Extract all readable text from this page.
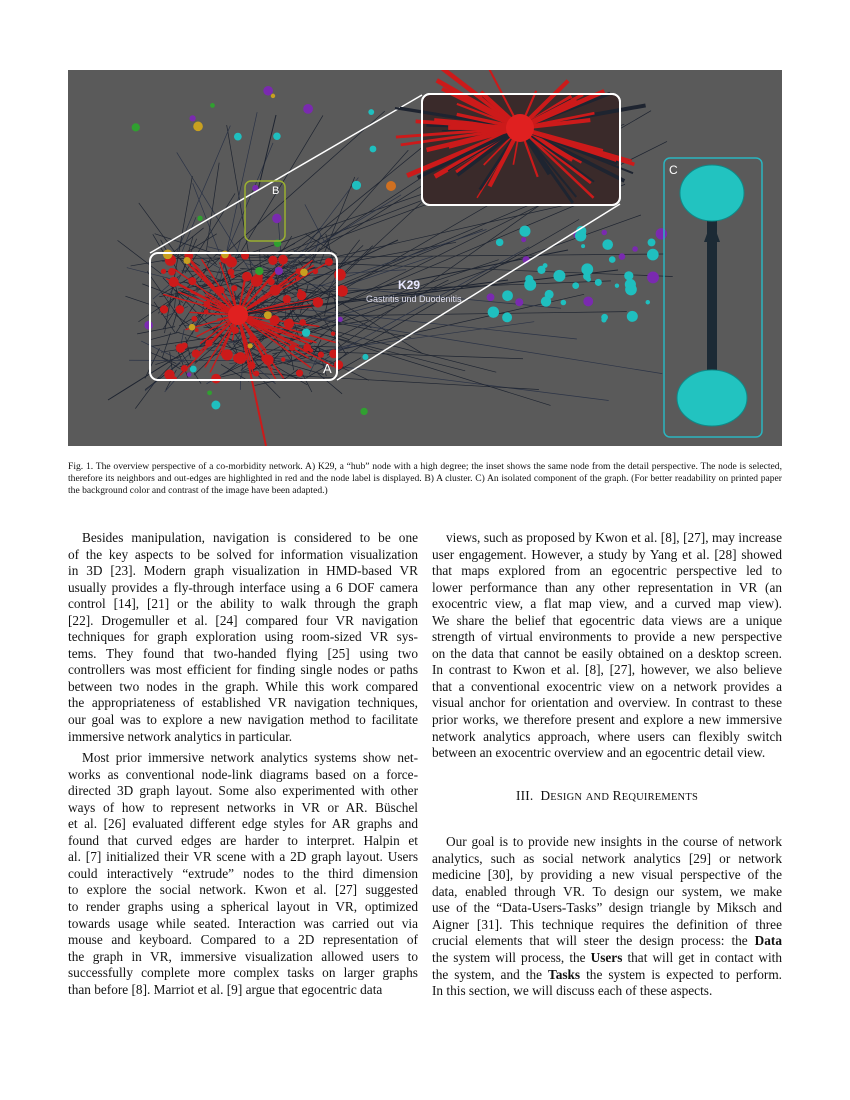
A
B
K29
Gastritis und Duodenitis
C
Fig. 1. The overview perspective of a co-morbidity network. A) K29, a “hub” node with a high degree; the inset shows the same node from the detail perspective. The node is selected, therefore its neighbors and out-edges are highlighted in red and the node label is displayed. B) A cluster. C) An isolated component of the graph. (For better readability on printed paper the background color and contrast of the image have been adapted.)
Besides manipulation, navigation is considered to be one
of the key aspects to be solved for information visualization
in 3D [23]. Modern graph visualization in HMD-based VR
usually provides a fly-through interface using a 6 DOF camera
control [14], [21] or the ability to walk through the graph
[22]. Drogemuller et al. [24] compared four VR navigation
techniques for graph exploration using room-sized VR sys-
tems. They found that two-handed flying [25] using two
controllers was most efficient for finding single nodes or paths
between two nodes in the graph. While this work compared
the appropriateness of established VR navigation techniques,
our goal was to explore a new navigation method to facilitate
immersive network analytics in particular.
Most prior immersive network analytics systems show net-
works as conventional node-link diagrams based on a force-
directed 3D graph layout. Some also experimented with other
ways of how to represent networks in VR or AR. Büschel
et al. [26] evaluated different edge styles for AR graphs and
found that curved edges are harder to interpret. Halpin et
al. [7] initialized their VR scene with a 2D graph layout. Users
could interactively “extrude” nodes to the third dimension
to explore the social network. Kwon et al. [27] suggested
to render graphs using a spherical layout in VR, optimized
towards usage while seated. Interaction was carried out via
mouse and keyboard. Compared to a 2D representation of
the graph in VR, immersive visualization allowed users to
successfully complete more complex tasks on larger graphs
than before [8]. Marriot et al. [9] argue that egocentric data
views, such as proposed by Kwon et al. [8], [27], may increase
user engagement. However, a study by Yang et al. [28] showed
that maps explored from an egocentric perspective led to
lower performance than any other representation in VR (an
exocentric view, a flat map view, and a curved map view).
We share the belief that egocentric data views are a unique
strength of virtual environments to provide a new perspective
on the data that cannot be easily obtained on a desktop screen.
In contrast to Kwon et al. [8], [27], however, we also believe
that a conventional exocentric view on a network provides a
visual anchor for orientation and overview. In contrast to these
prior works, we therefore present and explore a new immersive
network analytics approach, where users can flexibly switch
between an exocentric overview and an egocentric detail view.
III. DESIGN AND REQUIREMENTS
Our goal is to provide new insights in the course of network
analytics, such as social network analytics [29] or network
medicine [30], by providing a new visual perspective of the
data, enabled through VR. To design our system, we make
use of the “Data-Users-Tasks” design triangle by Miksch and
Aigner [31]. This technique requires the definition of three
crucial elements that will steer the design process: the Data
the system will process, the Users that will get in contact with
the system, and the Tasks the system is expected to perform.
In this section, we will discuss each of these aspects.
